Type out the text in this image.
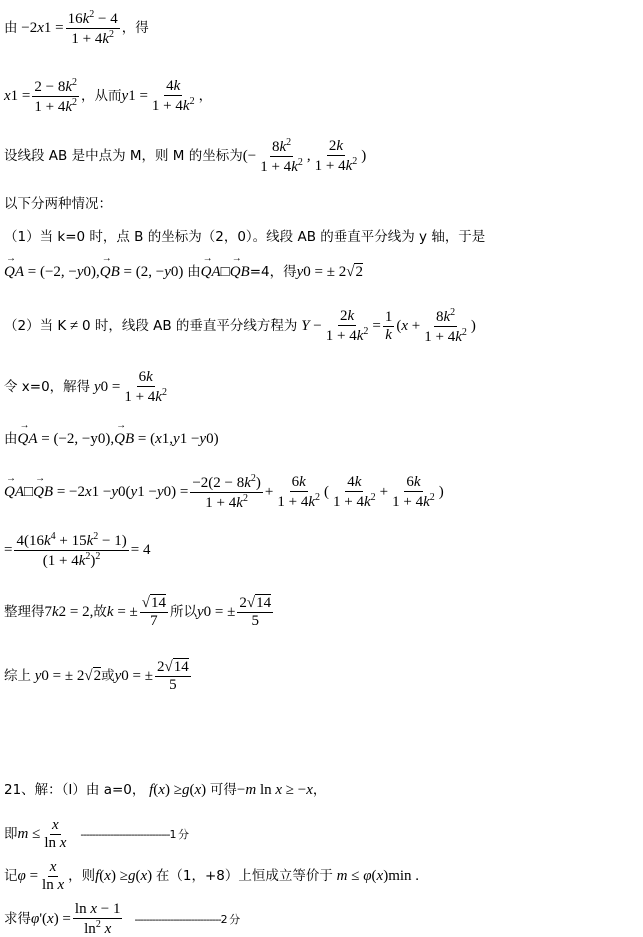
由 −2 x $1 = \frac{16k^2 - 4}{1 + 4k^2}$ ，得
x $1 = \frac{2 - 8k^2}{1 + 4k^2}$ ，从而 y $1 = \frac{4k}{1 + 4k^2}$ ，
设线段 AB 是中点为 M，则 M 的坐标为 (− $\frac{8k^2}{1 + 4k^2}$ , $\frac{2k}{1 + 4k^2}$ )
以下分两种情况：
（1）当 k=0 时，点 B 的坐标为（2，0）。线段 AB 的垂直平分线为 y 轴，于是
→ QA = (−2, − y 0 ), → QB = (2, − y 0 ) 由 → QA □ → QB =4，得 y 0 = ± 2 √2
（2）当 K ≠ 0 时，线段 AB 的垂直平分线方程为 $Y - \frac{2k}{1 + 4k^2} = \frac{1}{k}$ ( $x + \frac{8k^2}{1 + 4k^2}$ )
令 x=0，解得 y $0 = \frac{6k}{1 + 4k^2}$
由 → QA = (−2, −y 0 ), → QB = ( x 1 , y 1 − y 0 )
→ QA □ → QB = −2 x 1 − y 0 ( y 1 − y 0 ) = $\frac{-2(2 - 8k^2)}{1 + 4k^2} + \frac{6k}{1 + 4k^2}$ ( $\frac{4k}{1 + 4k^2} + \frac{6k}{1 + 4k^2}$ )
= $\frac{4(16k^4 + 15k^2 - 1)}{(1 + 4k^2)^2} = 4$
整理得 7 k 2 = 2, 故 k = ± $\frac{√14}{7}$ 所以 y 0 = ± $\frac{2√14}{5}$
综上 y 0 = ± 2√2 或 y 0 = ± $\frac{2√14}{5}$
21、解：（Ⅰ）由 a=0， f ( x ) ≥ g ( x ) 可得 − m ln x ≥ − x ，
即 $m \le \frac{x}{\text{ln x}} ------------------------------1$ 分
记 $\varphi = \frac{x}{\text{ln x}}$ ，则 f ( x ) ≥ g ( x ) 在（1，+8）上恒成立等价于 m ≤ φ ( x ) min .
求得 φ '( x ) = $\frac{\text{ln x − 1}}{\ln^2 x} -----------------------------2$ 分
